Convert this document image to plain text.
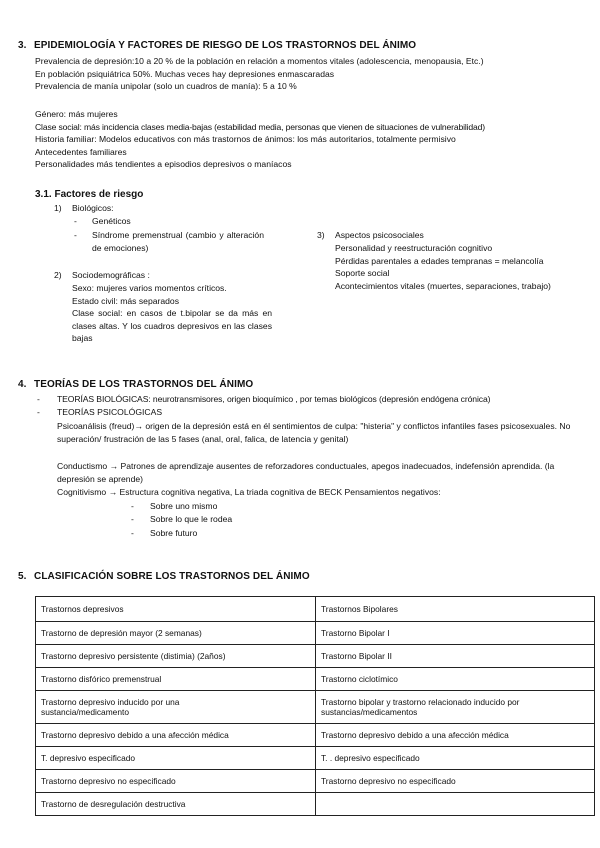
3. EPIDEMIOLOGÍA Y FACTORES DE RIESGO DE LOS TRASTORNOS DEL ÁNIMO
Prevalencia de depresión:10 a 20 % de la población en relación a momentos vitales (adolescencia, menopausia, Etc.)
En población psiquiátrica 50%. Muchas veces hay depresiones enmascaradas
Prevalencia de manía unipolar (solo un cuadros de manía): 5 a 10 %
Género: más mujeres
Clase social: más incidencia clases media-bajas (estabilidad media, personas que vienen de situaciones de vulnerabilidad)
Historia familiar: Modelos educativos con más trastornos de ánimos: los más autoritarios, totalmente permisivo
Antecedentes familiares
Personalidades más tendientes a episodios depresivos o maníacos
3.1. Factores de riesgo
1) Biológicos:
- Genéticos
- Síndrome premenstrual (cambio y alteración de emociones)
2) Sociodemográficas :
Sexo: mujeres varios momentos críticos.
Estado civil: más separados
Clase social: en casos de t.bipolar se da más en clases altas. Y los cuadros depresivos en las clases bajas
3) Aspectos psicosociales
Personalidad y reestructuración cognitivo
Pérdidas parentales a edades tempranas = melancolía
Soporte social
Acontecimientos vitales (muertes, separaciones, trabajo)
4. TEORÍAS DE LOS TRASTORNOS DEL ÁNIMO
- TEORÍAS BIOLÓGICAS: neurotransmisores, origen bioquímico , por temas biológicos (depresión endógena crónica)
- TEORÍAS PSICOLÓGICAS
Psicoanálisis (freud)→ origen de la depresión está en él sentimientos de culpa: "histeria" y conflictos infantiles fases psicosexuales. No superación/ frustración de las 5 fases (anal, oral, falica, de latencia y genital)
Conductismo → Patrones de aprendizaje ausentes de reforzadores conductuales, apegos inadecuados, indefensión aprendida. (la depresión se aprende)
Cognitivismo → Estructura cognitiva negativa, La triada cognitiva de BECK Pensamientos negativos:
- Sobre uno mismo
- Sobre lo que le rodea
- Sobre futuro
5. CLASIFICACIÓN SOBRE LOS TRASTORNOS DEL ÁNIMO
Trastornos depresivos	Trastornos Bipolares
Trastorno de depresión mayor (2 semanas)	Trastorno Bipolar I
Trastorno depresivo persistente (distimia) (2años)	Trastorno Bipolar II
Trastorno disfórico premenstrual	Trastorno ciclotímico

Trastorno depresivo inducido por una sustancia/medicamento	Trastorno bipolar y trastorno relacionado inducido por sustancias/medicamentos
Trastorno depresivo debido a una afección médica	Trastorno depresivo debido a una afección médica
T. depresivo especificado	T. . depresivo especificado
Trastorno depresivo no especificado	Trastorno depresivo no especificado
Trastorno de desregulación destructiva	
